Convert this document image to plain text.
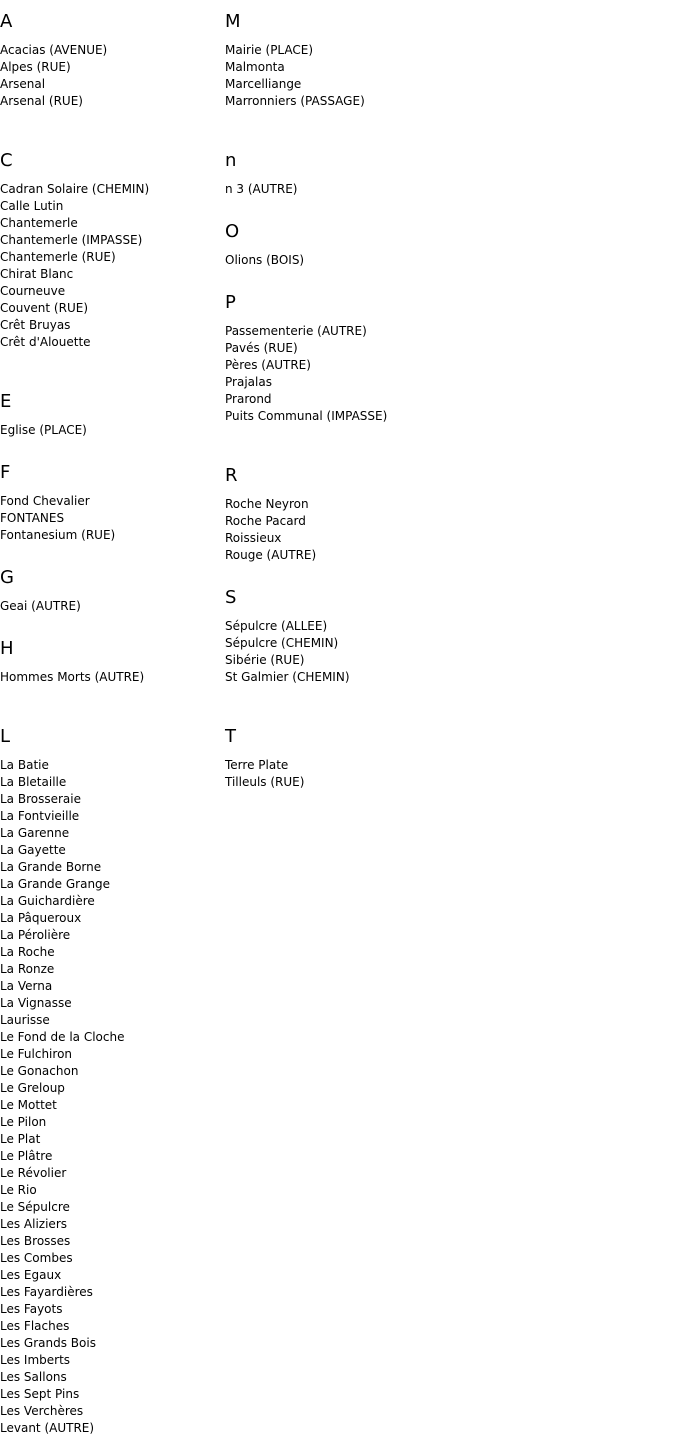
A
Acacias (AVENUE)
Alpes (RUE)
Arsenal
Arsenal (RUE)
C
Cadran Solaire (CHEMIN)
Calle Lutin
Chantemerle
Chantemerle (IMPASSE)
Chantemerle (RUE)
Chirat Blanc
Courneuve
Couvent (RUE)
Crêt Bruyas
Crêt d'Alouette
E
Eglise (PLACE)
F
Fond Chevalier
FONTANES
Fontanesium (RUE)
G
Geai (AUTRE)
H
Hommes Morts (AUTRE)
L
La Batie
La Bletaille
La Brosseraie
La Fontvieille
La Garenne
La Gayette
La Grande Borne
La Grande Grange
La Guichardière
La Pâqueroux
La Pérolière
La Roche
La Ronze
La Verna
La Vignasse
Laurisse
Le Fond de la Cloche
Le Fulchiron
Le Gonachon
Le Greloup
Le Mottet
Le Pilon
Le Plat
Le Plâtre
Le Révolier
Le Rio
Le Sépulcre
Les Aliziers
Les Brosses
Les Combes
Les Egaux
Les Fayardières
Les Fayots
Les Flaches
Les Grands Bois
Les Imberts
Les Sallons
Les Sept Pins
Les Verchères
Levant (AUTRE)
M
Mairie (PLACE)
Malmonta
Marcelliange
Marronniers (PASSAGE)
n
n 3 (AUTRE)
O
Olions (BOIS)
P
Passementerie (AUTRE)
Pavés (RUE)
Pères (AUTRE)
Prajalas
Prarond
Puits Communal (IMPASSE)
R
Roche Neyron
Roche Pacard
Roissieux
Rouge (AUTRE)
S
Sépulcre (ALLEE)
Sépulcre (CHEMIN)
Sibérie (RUE)
St Galmier (CHEMIN)
T
Terre Plate
Tilleuls (RUE)
